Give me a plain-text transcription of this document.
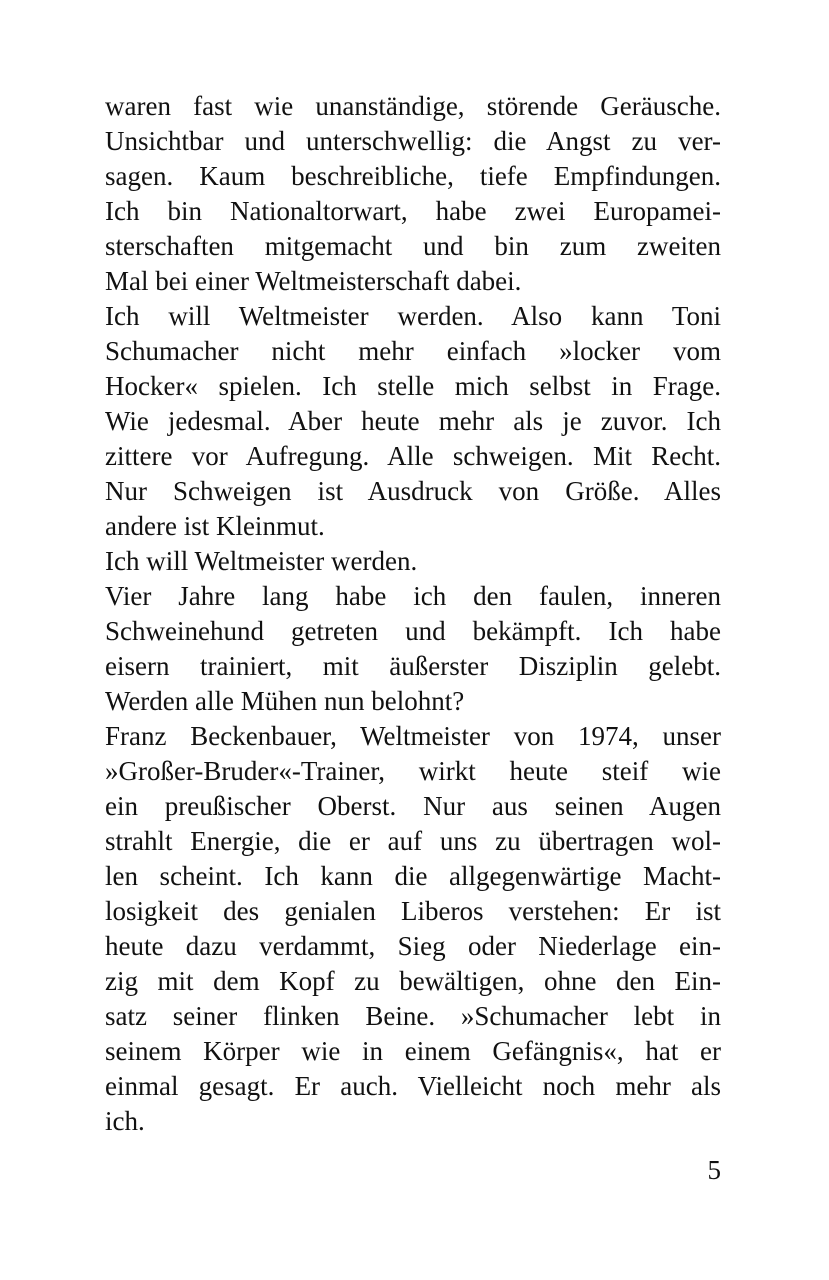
waren fast wie unanständige, störende Geräusche.
Unsichtbar und unterschwellig: die Angst zu ver-
sagen. Kaum beschreibliche, tiefe Empfindungen.
Ich bin Nationaltorwart, habe zwei Europamei-
sterschaften mitgemacht und bin zum zweiten
Mal bei einer Weltmeisterschaft dabei.
Ich will Weltmeister werden. Also kann Toni
Schumacher nicht mehr einfach »locker vom
Hocker« spielen. Ich stelle mich selbst in Frage.
Wie jedesmal. Aber heute mehr als je zuvor. Ich
zittere vor Aufregung. Alle schweigen. Mit Recht.
Nur Schweigen ist Ausdruck von Größe. Alles
andere ist Kleinmut.
Ich will Weltmeister werden.
Vier Jahre lang habe ich den faulen, inneren
Schweinehund getreten und bekämpft. Ich habe
eisern trainiert, mit äußerster Disziplin gelebt.
Werden alle Mühen nun belohnt?
Franz Beckenbauer, Weltmeister von 1974, unser
»Großer-Bruder«-Trainer, wirkt heute steif wie
ein preußischer Oberst. Nur aus seinen Augen
strahlt Energie, die er auf uns zu übertragen wol-
len scheint. Ich kann die allgegenwärtige Macht-
losigkeit des genialen Liberos verstehen: Er ist
heute dazu verdammt, Sieg oder Niederlage ein-
zig mit dem Kopf zu bewältigen, ohne den Ein-
satz seiner flinken Beine. »Schumacher lebt in
seinem Körper wie in einem Gefängnis«, hat er
einmal gesagt. Er auch. Vielleicht noch mehr als
ich.
5
